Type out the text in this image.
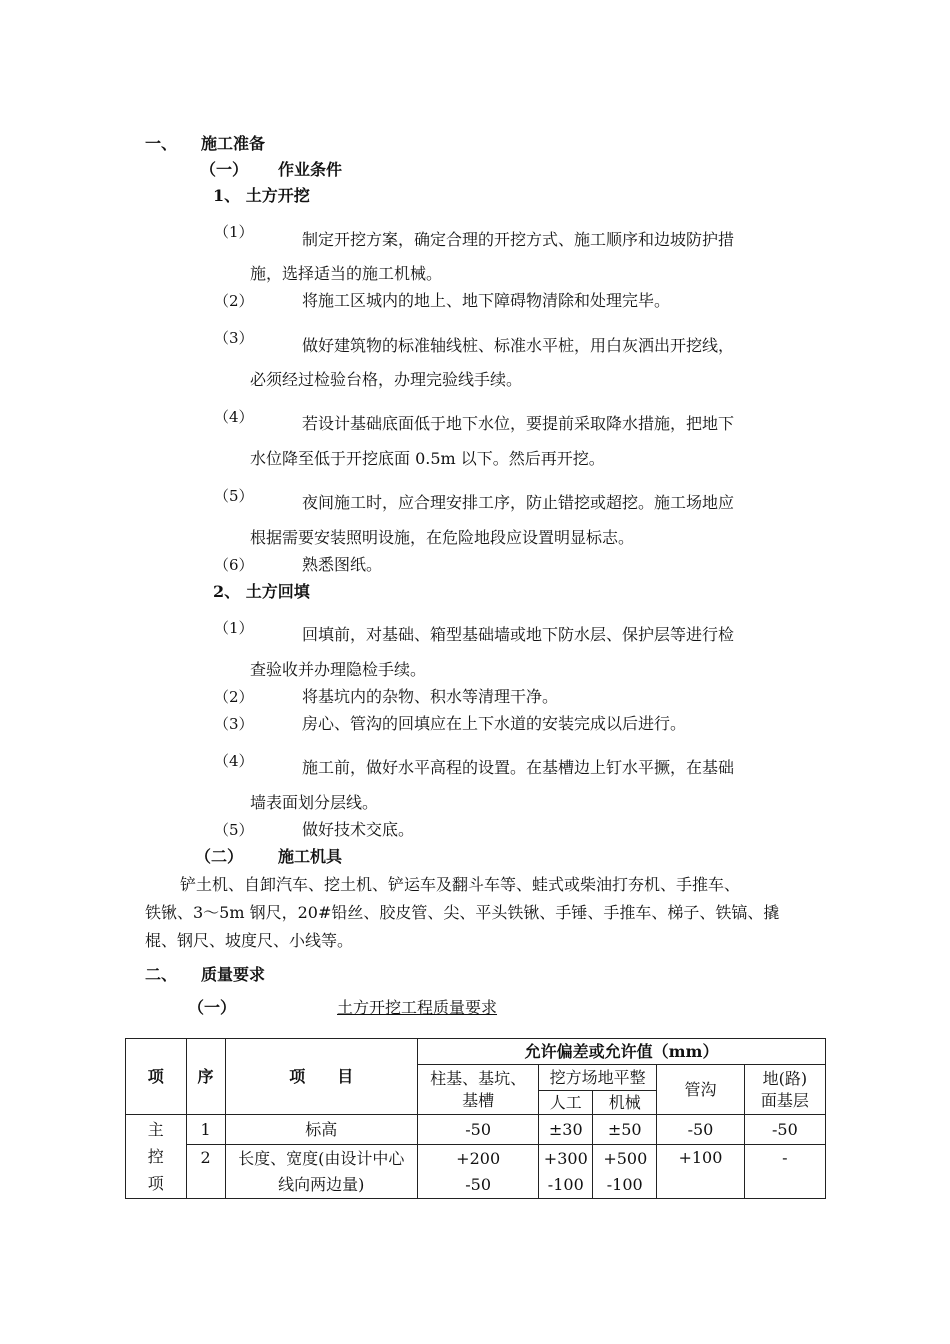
一、 施工准备
（一） 作业条件
1、 土方开挖
（1）	制定开挖方案，确定合理的开挖方式、施工顺序和边坡防护措
施，选择适当的施工机械。
（2）	将施工区城内的地上、地下障碍物清除和处理完毕。
（3）	做好建筑物的标准轴线桩、标准水平桩，用白灰洒出开挖线，
必须经过检验台格，办理完验线手续。
（4）	若设计基础底面低于地下水位，要提前采取降水措施，把地下
水位降至低于开挖底面 0.5m 以下。然后再开挖。
（5）	夜间施工时，应合理安排工序，防止错挖或超挖。施工场地应
根据需要安装照明设施，在危险地段应设置明显标志。
（6）	熟悉图纸。
2、 土方回填
（1）	回填前，对基础、箱型基础墙或地下防水层、保护层等进行检
查验收并办理隐检手续。
（2）	将基坑内的杂物、积水等清理干净。
（3）	房心、管沟的回填应在上下水道的安装完成以后进行。
（4）	施工前，做好水平高程的设置。在基槽边上钉水平撅，在基础
墙表面划分层线。
（5）	做好技术交底。
（二） 施工机具
铲土机、自卸汽车、挖土机、铲运车及翻斗车等、蛙式或柴油打夯机、手推车、
铁锹、3～5m 钢尺，20#铅丝、胶皮管、尖、平头铁锹、手锤、手推车、梯子、铁镐、撬
棍、钢尺、坡度尺、小线等。
二、 质量要求
（一）	土方开挖工程质量要求
项	序	项　　目	允许偏差或允许值（mm）				
			柱基、基坑、基槽	挖方场地平整		管沟	地(路)面基层
				人工	机械		
主控项	1	标高	-50	±30	±50	-50	-50
	2	长度、宽度(由设计中心线向两边量)	+200 -50	+300 -100	+500 -100	+100	-
